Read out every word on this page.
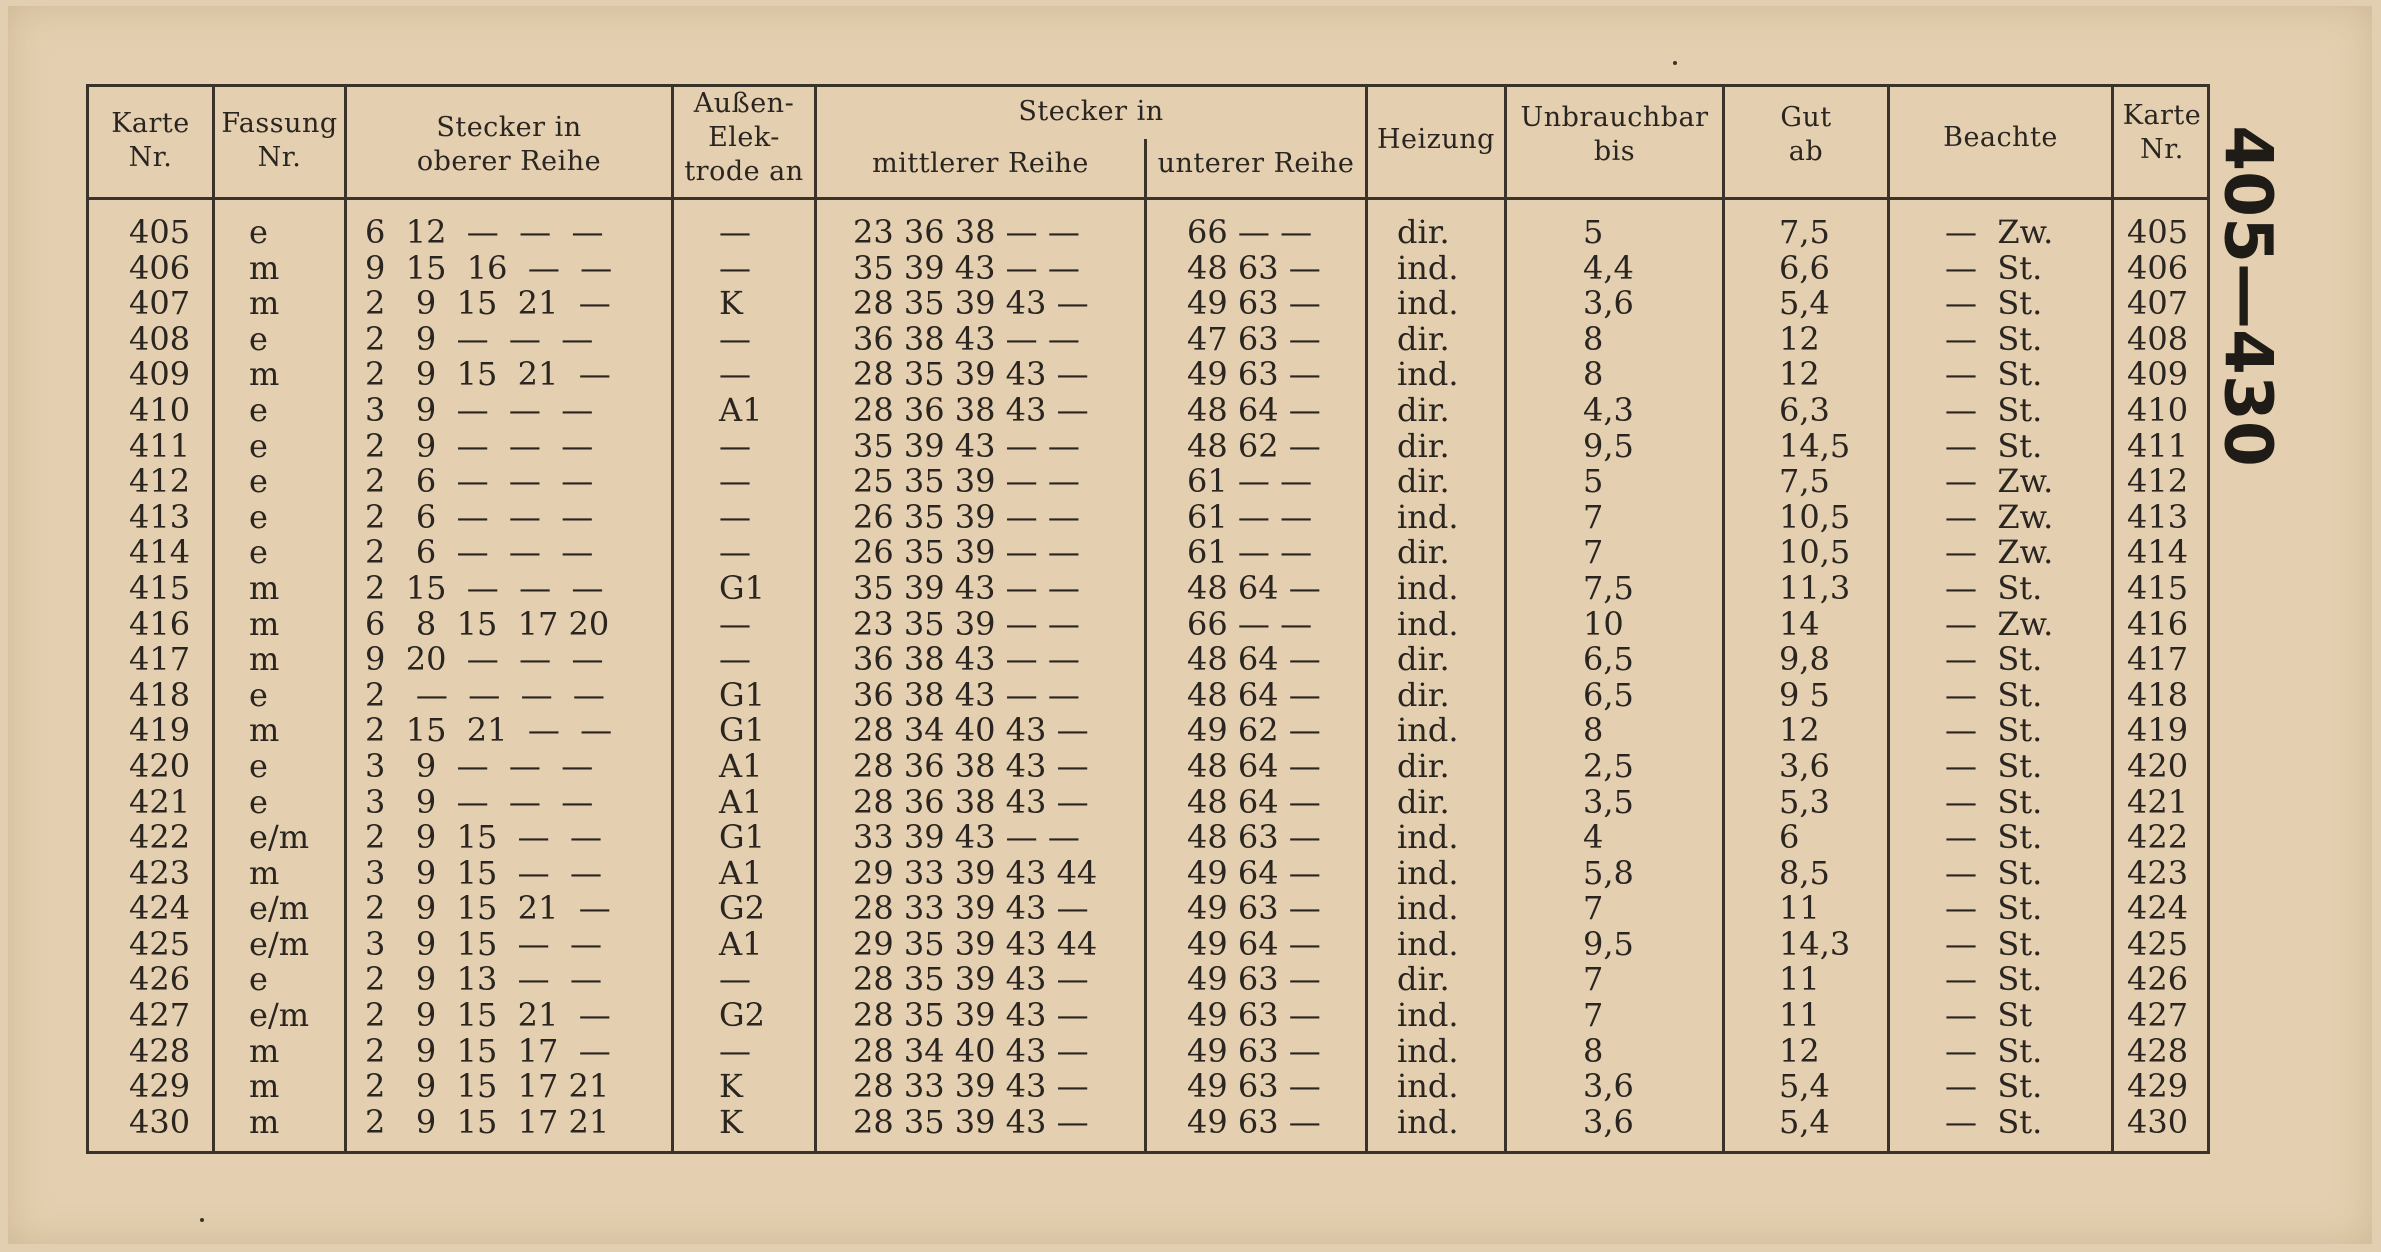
Karte
Nr.
Fassung
Nr.
Stecker in
oberer Reihe
Außen-
Elek-
trode an
Stecker in
mittlerer Reihe	unterer Reihe
Heizung
Unbrauchbar
bis
Gut
ab	Beachte
Karte
Nr.
405
406
407
408
409
410
411
412
413
414
415
416
417
418
419
420
421
422
423
424
425
426
427
428
429
430
e
m
m
e
m
e
e
e
e
e
m
m
m
e
m
e
e
e/m
m
e/m
e/m
e
e/m
m
m
m
6  12  —  —  —
9  15  16  —  —
2   9  15  21  —
2   9  —  —  —
2   9  15  21  —
3   9  —  —  —
2   9  —  —  —
2   6  —  —  —
2   6  —  —  —
2   6  —  —  —
2  15  —  —  —
6   8  15  17 20
9  20  —  —  —
2   —  —  —  —
2  15  21  —  —
3   9  —  —  —
3   9  —  —  —
2   9  15  —  —
3   9  15  —  —
2   9  15  21  —
3   9  15  —  —
2   9  13  —  —
2   9  15  21  —
2   9  15  17  —
2   9  15  17 21
2   9  15  17 21
—
—
K
—
—
A1
—
—
—
—
G1
—
—
G1
G1
A1
A1
G1
A1
G2
A1
—
G2
—
K
K
23 36 38 — —
35 39 43 — —
28 35 39 43 —
36 38 43 — —
28 35 39 43 —
28 36 38 43 —
35 39 43 — —
25 35 39 — —
26 35 39 — —
26 35 39 — —
35 39 43 — —
23 35 39 — —
36 38 43 — —
36 38 43 — —
28 34 40 43 —
28 36 38 43 —
28 36 38 43 —
33 39 43 — —
29 33 39 43 44
28 33 39 43 —
29 35 39 43 44
28 35 39 43 —
28 35 39 43 —
28 34 40 43 —
28 33 39 43 —
28 35 39 43 —
66 — —
48 63 —
49 63 —
47 63 —
49 63 —
48 64 —
48 62 —
61 — —
61 — —
61 — —
48 64 —
66 — —
48 64 —
48 64 —
49 62 —
48 64 —
48 64 —
48 63 —
49 64 —
49 63 —
49 64 —
49 63 —
49 63 —
49 63 —
49 63 —
49 63 —
dir.
ind.
ind.
dir.
ind.
dir.
dir.
dir.
ind.
dir.
ind.
ind.
dir.
dir.
ind.
dir.
dir.
ind.
ind.
ind.
ind.
dir.
ind.
ind.
ind.
ind.
5
4,4
3,6
8
8
4,3
9,5
5
7
7
7,5
10
6,5
6,5
8
2,5
3,5
4
5,8
7
9,5
7
7
8
3,6
3,6
7,5
6,6
5,4
12
12
6,3
14,5
7,5
10,5
10,5
11,3
14
9,8
9 5
12
3,6
5,3
6
8,5
11
14,3
11
11
12
5,4
5,4
—  Zw.
—  St.
—  St.
—  St.
—  St.
—  St.
—  St.
—  Zw.
—  Zw.
—  Zw.
—  St.
—  Zw.
—  St.
—  St.
—  St.
—  St.
—  St.
—  St.
—  St.
—  St.
—  St.
—  St.
—  St
—  St.
—  St.
—  St.
405
406
407
408
409
410
411
412
413
414
415
416
417
418
419
420
421
422
423
424
425
426
427
428
429
430
405—430
